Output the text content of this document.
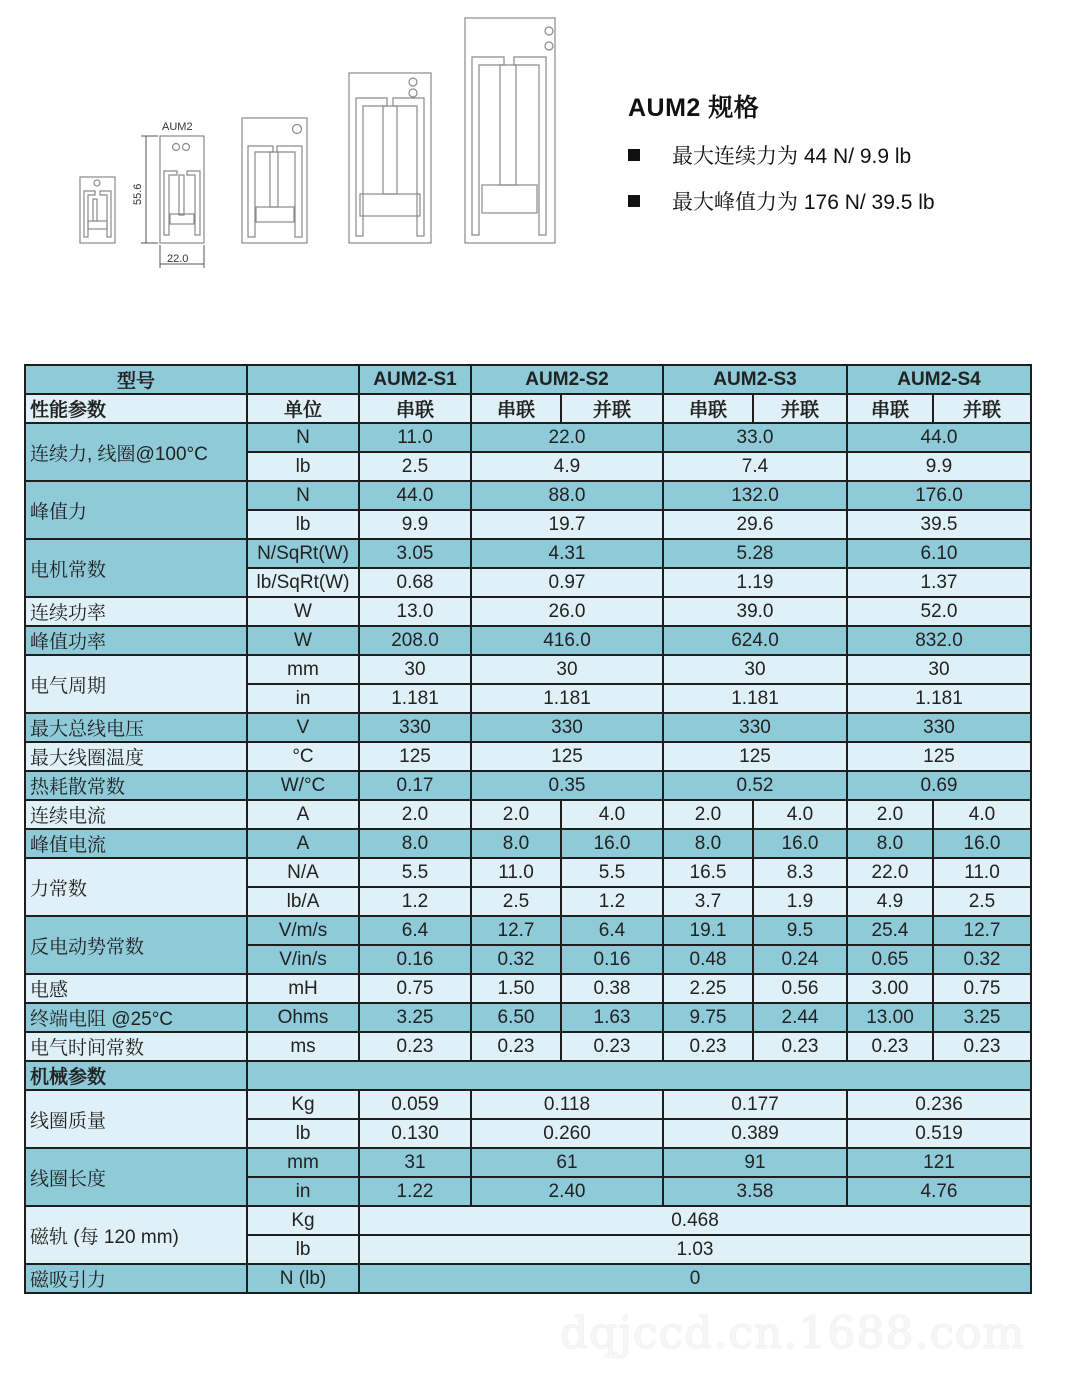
AUM2
55.6
22.0
AUM2 规格
最大连续力为 44 N/ 9.9 lb
最大峰值力为 176 N/ 39.5 lb
型号		AUM2-S1	AUM2-S2		AUM2-S3		AUM2-S4	
性能参数	单位	串联	串联	并联	串联	并联	串联	并联
连续力, 线圈@100°C	N	11.0	22.0		33.0		44.0	
	lb	2.5	4.9		7.4		9.9	
峰值力	N	44.0	88.0		132.0		176.0	
	lb	9.9	19.7		29.6		39.5	
电机常数	N/SqRt(W)	3.05	4.31		5.28		6.10	
	lb/SqRt(W)	0.68	0.97		1.19		1.37	
连续功率	W	13.0	26.0		39.0		52.0	
峰值功率	W	208.0	416.0		624.0		832.0	
电气周期	mm	30	30		30		30	
	in	1.181	1.181		1.181		1.181	
最大总线电压	V	330	330		330		330	
最大线圈温度	°C	125	125		125		125	
热耗散常数	W/°C	0.17	0.35		0.52		0.69	
连续电流	A	2.0	2.0	4.0	2.0	4.0	2.0	4.0
峰值电流	A	8.0	8.0	16.0	8.0	16.0	8.0	16.0
力常数	N/A	5.5	11.0	5.5	16.5	8.3	22.0	11.0
	lb/A	1.2	2.5	1.2	3.7	1.9	4.9	2.5
反电动势常数	V/m/s	6.4	12.7	6.4	19.1	9.5	25.4	12.7
	V/in/s	0.16	0.32	0.16	0.48	0.24	0.65	0.32
电感	mH	0.75	1.50	0.38	2.25	0.56	3.00	0.75
终端电阻 @25°C	Ohms	3.25	6.50	1.63	9.75	2.44	13.00	3.25
电气时间常数	ms	0.23	0.23	0.23	0.23	0.23	0.23	0.23
机械参数								
线圈质量	Kg	0.059	0.118		0.177		0.236	
	lb	0.130	0.260		0.389		0.519	
线圈长度	mm	31	61		91		121	
	in	1.22	2.40		3.58		4.76	
磁轨 (每 120 mm)	Kg	0.468						
	lb	1.03						
磁吸引力	N (lb)	0						
dqjccd.cn.1688.com
